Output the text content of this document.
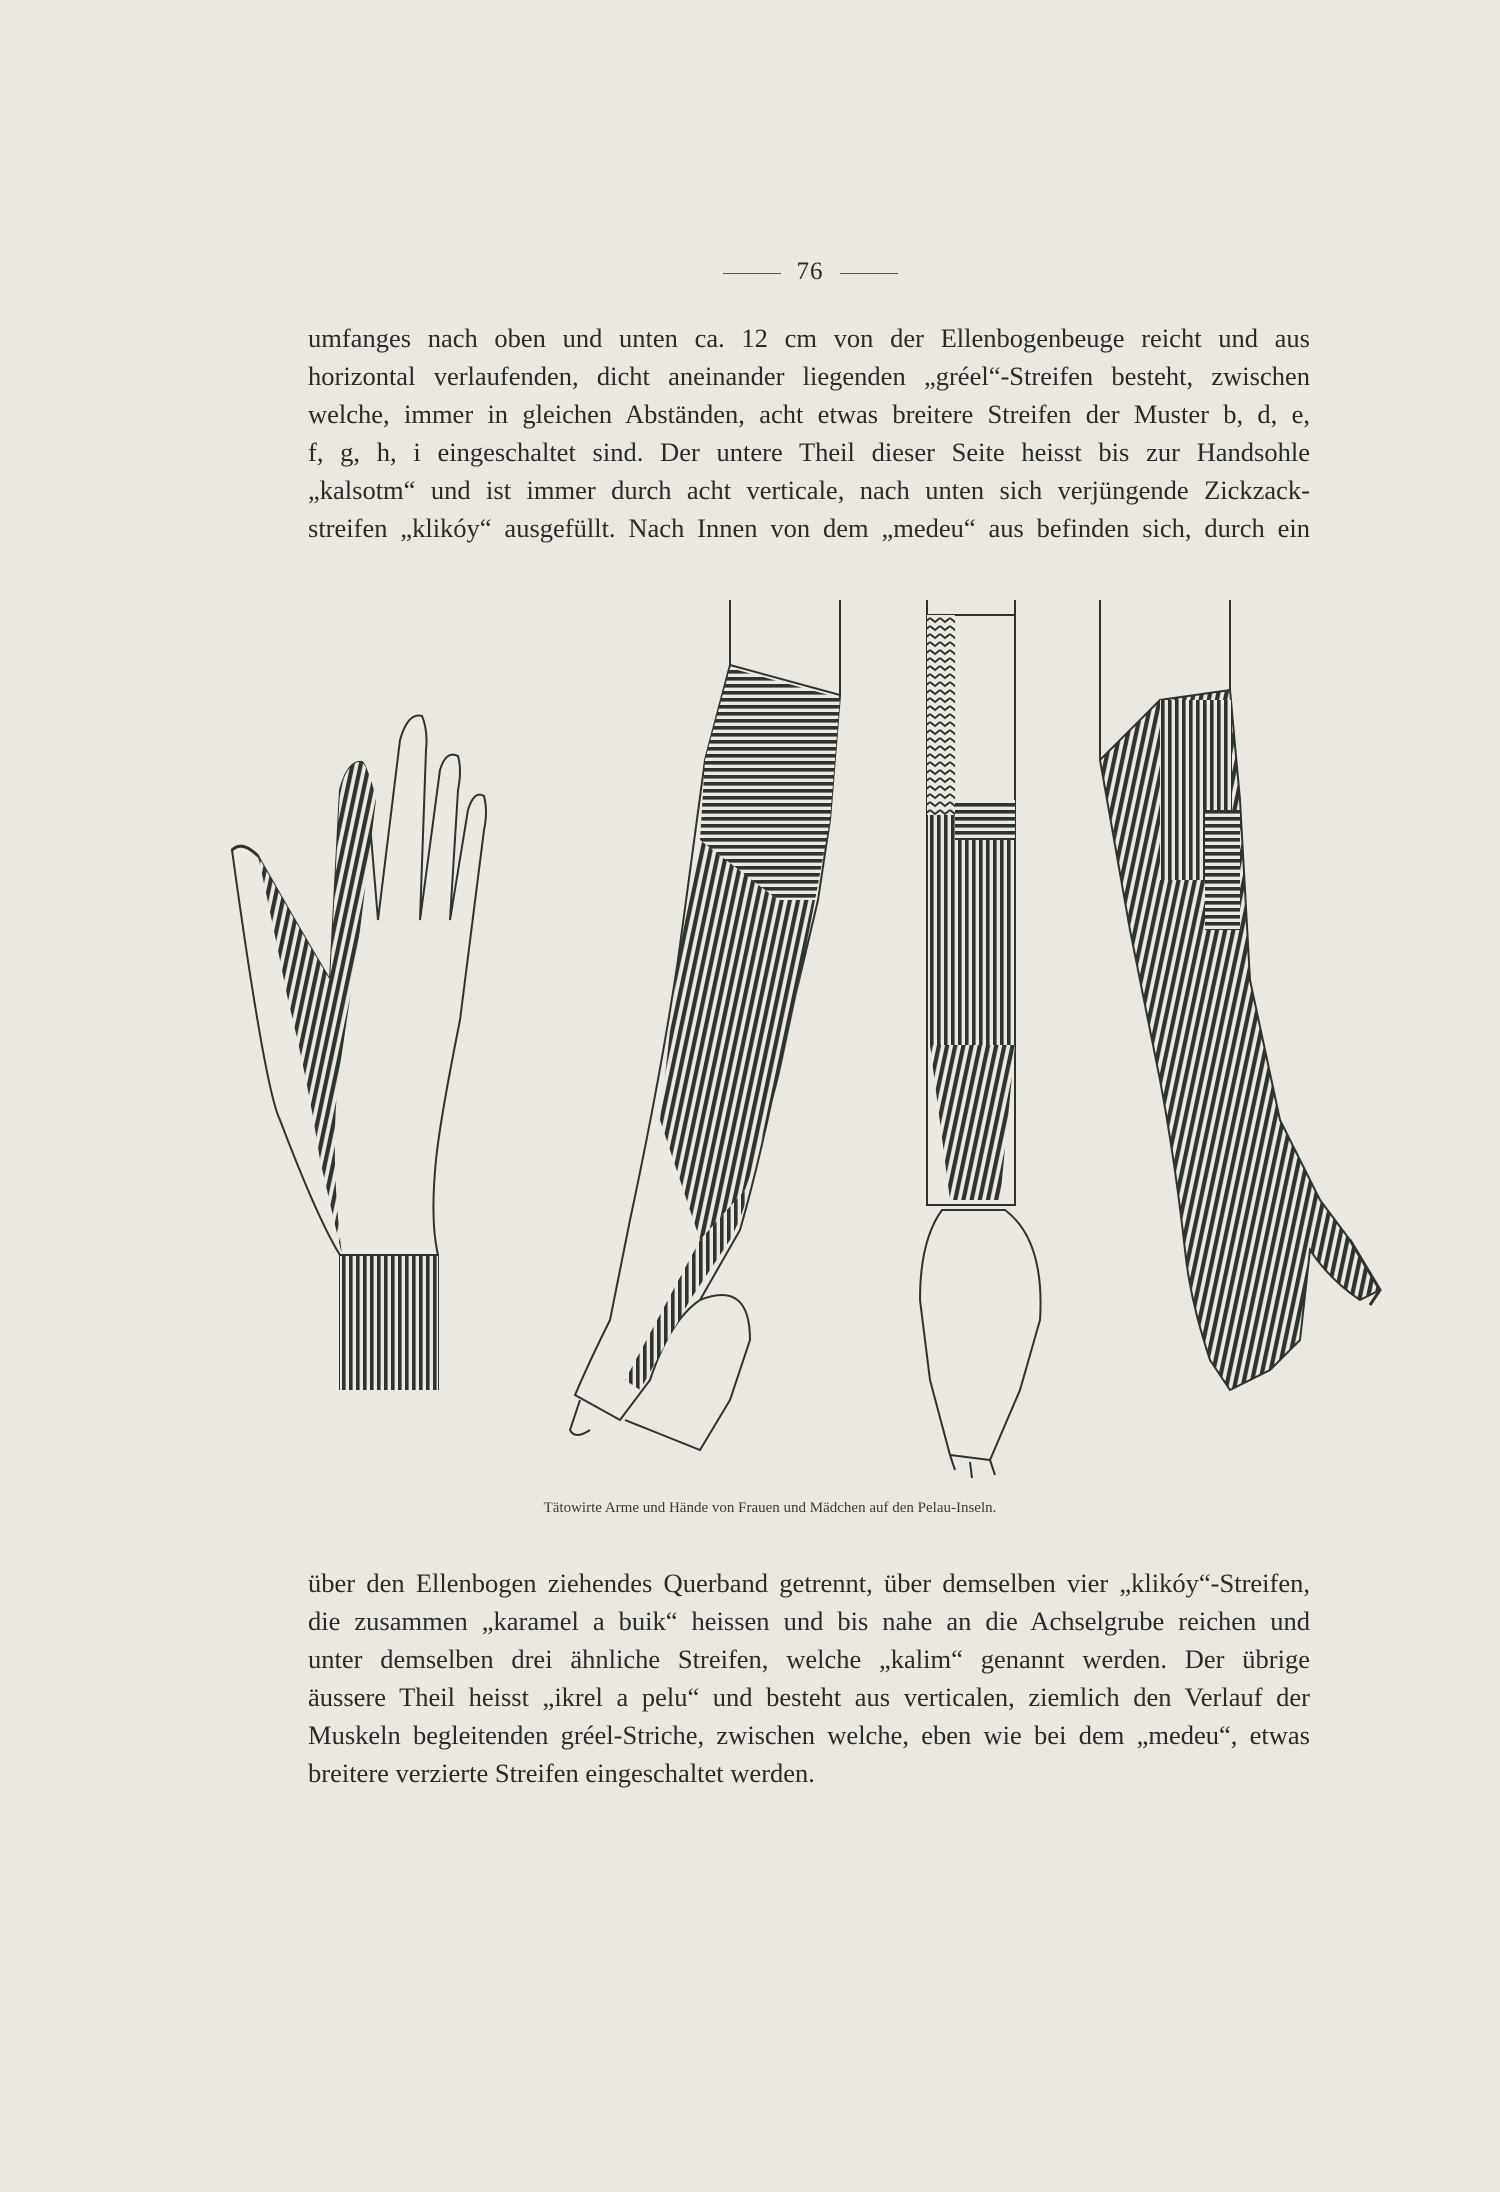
76
umfanges nach oben und unten ca. 12 cm von der Ellenbogenbeuge reicht und aus
horizontal verlaufenden, dicht aneinander liegenden „gréel“-Streifen besteht, zwischen
welche, immer in gleichen Abständen, acht etwas breitere Streifen der Muster b, d, e,
f, g, h, i eingeschaltet sind. Der untere Theil dieser Seite heisst bis zur Handsohle
„kalsotm“ und ist immer durch acht verticale, nach unten sich verjüngende Zickzack-
streifen „klikóy“ ausgefüllt. Nach Innen von dem „medeu“ aus befinden sich, durch ein
Tätowirte Arme und Hände von Frauen und Mädchen auf den Pelau-Inseln.
über den Ellenbogen ziehendes Querband getrennt, über demselben vier „klikóy“-Streifen,
die zusammen „karamel a buik“ heissen und bis nahe an die Achselgrube reichen und
unter demselben drei ähnliche Streifen, welche „kalim“ genannt werden. Der übrige
äussere Theil heisst „ikrel a pelu“ und besteht aus verticalen, ziemlich den Verlauf der
Muskeln begleitenden gréel-Striche, zwischen welche, eben wie bei dem „medeu“, etwas
breitere verzierte Streifen eingeschaltet werden.
